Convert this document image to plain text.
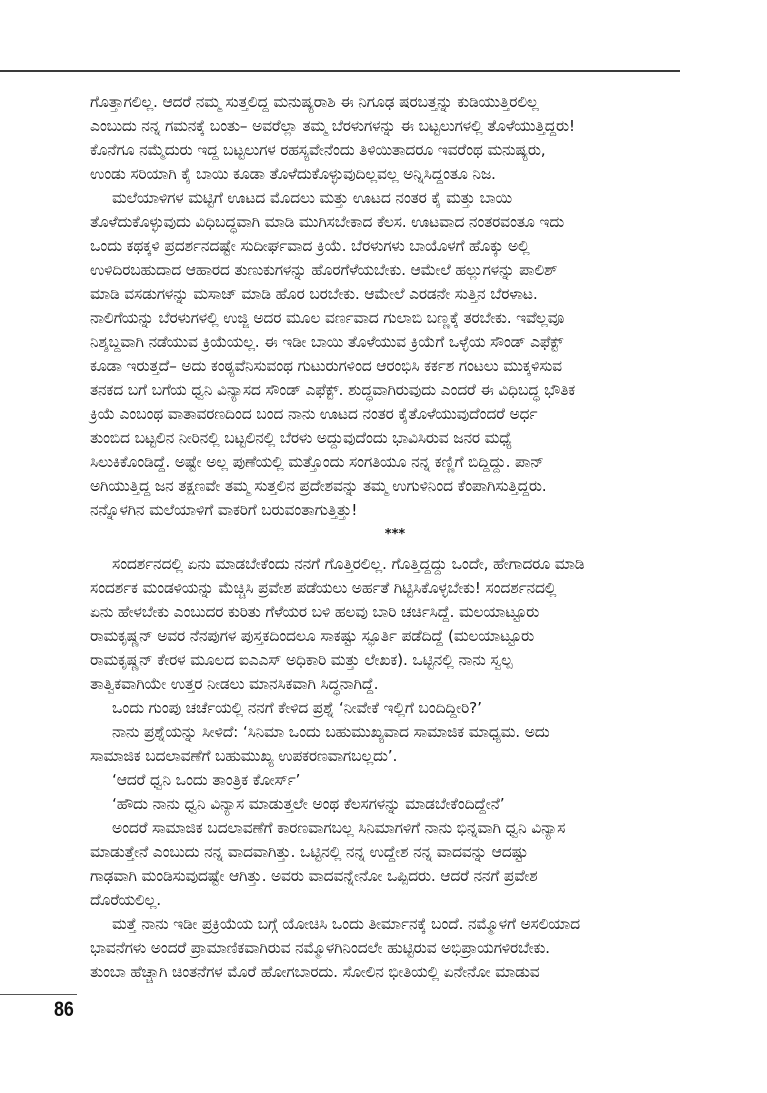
ಗೊತ್ತಾಗಲಿಲ್ಲ. ಆದರೆ ನಮ್ಮ ಸುತ್ತಲಿದ್ದ ಮನುಷ್ಯರಾಶಿ ಈ ನಿಗೂಢ ಷರಬತ್ತನ್ನು ಕುಡಿಯುತ್ತಿರಲಿಲ್ಲ
ಎಂಬುದು ನನ್ನ ಗಮನಕ್ಕೆ ಬಂತು– ಅವರೆಲ್ಲಾ ತಮ್ಮ ಬೆರಳುಗಳನ್ನು ಈ ಬಟ್ಟಲುಗಳಲ್ಲಿ ತೊಳೆಯುತ್ತಿದ್ದರು!
ಕೊನೆಗೂ ನಮ್ಮೆದುರು ಇದ್ದ ಬಟ್ಟಲುಗಳ ರಹಸ್ಯವೇನೆಂದು ತಿಳಿಯಿತಾದರೂ ಇವರೆಂಥ ಮನುಷ್ಯರು,
ಉಂಡು ಸರಿಯಾಗಿ ಕೈ ಬಾಯಿ ಕೂಡಾ ತೊಳೆದುಕೊಳ್ಳುವುದಿಲ್ಲವಲ್ಲ ಅನ್ನಿಸಿದ್ದಂತೂ ನಿಜ.
ಮಲೆಯಾಳಿಗಳ ಮಟ್ಟಿಗೆ ಊಟದ ಮೊದಲು ಮತ್ತು ಊಟದ ನಂತರ ಕೈ ಮತ್ತು ಬಾಯಿ
ತೊಳೆದುಕೊಳ್ಳುವುದು ವಿಧಿಬದ್ಧವಾಗಿ ಮಾಡಿ ಮುಗಿಸಬೇಕಾದ ಕೆಲಸ. ಊಟವಾದ ನಂತರವಂತೂ ಇದು
ಒಂದು ಕಥಕ್ಕಳಿ ಪ್ರದರ್ಶನದಷ್ಟೇ ಸುದೀರ್ಘವಾದ ಕ್ರಿಯೆ. ಬೆರಳುಗಳು ಬಾಯೊಳಗೆ ಹೊಕ್ಕು ಅಲ್ಲಿ
ಉಳಿದಿರಬಹುದಾದ ಆಹಾರದ ತುಣುಕುಗಳನ್ನು ಹೊರಗೆಳೆಯಬೇಕು. ಆಮೇಲೆ ಹಲ್ಲುಗಳನ್ನು ಪಾಲಿಶ್
ಮಾಡಿ ವಸಡುಗಳನ್ನು ಮಸಾಜ್ ಮಾಡಿ ಹೊರ ಬರಬೇಕು. ಆಮೇಲೆ ಎರಡನೇ ಸುತ್ತಿನ ಬೆರಳಾಟ.
ನಾಲಿಗೆಯನ್ನು ಬೆರಳುಗಳಲ್ಲಿ ಉಜ್ಜಿ ಅದರ ಮೂಲ ವರ್ಣವಾದ ಗುಲಾಬಿ ಬಣ್ಣಕ್ಕೆ ತರಬೇಕು. ಇವೆಲ್ಲವೂ
ನಿಶ್ಶಬ್ದವಾಗಿ ನಡೆಯುವ ಕ್ರಿಯೆಯಲ್ಲ. ಈ ಇಡೀ ಬಾಯಿ ತೊಳೆಯುವ ಕ್ರಿಯೆಗೆ ಒಳ್ಳೆಯ ಸೌಂಡ್ ಎಫೆಕ್ಟ್
ಕೂಡಾ ಇರುತ್ತದೆ– ಅದು ಕಂಠ್ಯವೆನಿಸುವಂಥ ಗುಟುರುಗಳಿಂದ ಆರಂಭಿಸಿ ಕರ್ಕಶ ಗಂಟಲು ಮುಕ್ಕಳಿಸುವ
ತನಕದ ಬಗೆ ಬಗೆಯ ಧ್ವನಿ ವಿನ್ಯಾಸದ ಸೌಂಡ್ ಎಫೆಕ್ಟ್. ಶುದ್ಧವಾಗಿರುವುದು ಎಂದರೆ ಈ ವಿಧಿಬದ್ಧ ಭೌತಿಕ
ಕ್ರಿಯೆ ಎಂಬಂಥ ವಾತಾವರಣದಿಂದ ಬಂದ ನಾನು ಊಟದ ನಂತರ ಕೈತೊಳೆಯುವುದೆಂದರೆ ಅರ್ಧ
ತುಂಬಿದ ಬಟ್ಟಲಿನ ನೀರಿನಲ್ಲಿ ಬಟ್ಟಲಿನಲ್ಲಿ ಬೆರಳು ಅದ್ದುವುದೆಂದು ಭಾವಿಸಿರುವ ಜನರ ಮಧ್ಯೆ
ಸಿಲುಕಿಕೊಂಡಿದ್ದೆ. ಅಷ್ಟೇ ಅಲ್ಲ ಪುಣೆಯಲ್ಲಿ ಮತ್ತೊಂದು ಸಂಗತಿಯೂ ನನ್ನ ಕಣ್ಣಿಗೆ ಬಿದ್ದಿದ್ದು. ಪಾನ್
ಅಗಿಯುತ್ತಿದ್ದ ಜನ ತಕ್ಷಣವೇ ತಮ್ಮ ಸುತ್ತಲಿನ ಪ್ರದೇಶವನ್ನು ತಮ್ಮ ಉಗುಳಿನಿಂದ ಕೆಂಪಾಗಿಸುತ್ತಿದ್ದರು.
ನನ್ನೊಳಗಿನ ಮಲೆಯಾಳಿಗೆ ವಾಕರಿಗೆ ಬರುವಂತಾಗುತ್ತಿತ್ತು!
***
ಸಂದರ್ಶನದಲ್ಲಿ ಏನು ಮಾಡಬೇಕೆಂದು ನನಗೆ ಗೊತ್ತಿರಲಿಲ್ಲ. ಗೊತ್ತಿದ್ದದ್ದು ಒಂದೇ, ಹೇಗಾದರೂ ಮಾಡಿ
ಸಂದರ್ಶಕ ಮಂಡಳಿಯನ್ನು ಮೆಚ್ಚಿಸಿ ಪ್ರವೇಶ ಪಡೆಯಲು ಅರ್ಹತೆ ಗಿಟ್ಟಿಸಿಕೊಳ್ಳಬೇಕು! ಸಂದರ್ಶನದಲ್ಲಿ
ಏನು ಹೇಳಬೇಕು ಎಂಬುದರ ಕುರಿತು ಗೆಳೆಯರ ಬಳಿ ಹಲವು ಬಾರಿ ಚರ್ಚಿಸಿದ್ದೆ. ಮಲಯಾಟ್ಟೂರು
ರಾಮಕೃಷ್ಣನ್ ಅವರ ನೆನಪುಗಳ ಪುಸ್ತಕದಿಂದಲೂ ಸಾಕಷ್ಟು ಸ್ಫೂರ್ತಿ ಪಡೆದಿದ್ದೆ (ಮಲಯಾಟ್ಟೂರು
ರಾಮಕೃಷ್ಣನ್ ಕೇರಳ ಮೂಲದ ಐಎಎಸ್ ಅಧಿಕಾರಿ ಮತ್ತು ಲೇಖಕ). ಒಟ್ಟಿನಲ್ಲಿ ನಾನು ಸ್ವಲ್ಪ
ತಾತ್ವಿಕವಾಗಿಯೇ ಉತ್ತರ ನೀಡಲು ಮಾನಸಿಕವಾಗಿ ಸಿದ್ಧನಾಗಿದ್ದೆ.
ಒಂದು ಗುಂಪು ಚರ್ಚೆಯಲ್ಲಿ ನನಗೆ ಕೇಳಿದ ಪ್ರಶ್ನೆ ‘ನೀವೇಕೆ ಇಲ್ಲಿಗೆ ಬಂದಿದ್ದೀರಿ?’
ನಾನು ಪ್ರಶ್ನೆಯನ್ನು ಸೀಳಿದೆ: ‘ಸಿನಿಮಾ ಒಂದು ಬಹುಮುಖ್ಯವಾದ ಸಾಮಾಜಿಕ ಮಾಧ್ಯಮ. ಅದು
ಸಾಮಾಜಿಕ ಬದಲಾವಣೆಗೆ ಬಹುಮುಖ್ಯ ಉಪಕರಣವಾಗಬಲ್ಲದು’.
‘ಆದರೆ ಧ್ವನಿ ಒಂದು ತಾಂತ್ರಿಕ ಕೋರ್ಸ್’
‘ಹೌದು ನಾನು ಧ್ವನಿ ವಿನ್ಯಾಸ ಮಾಡುತ್ತಲೇ ಅಂಥ ಕೆಲಸಗಳನ್ನು ಮಾಡಬೇಕೆಂದಿದ್ದೇನೆ’
ಅಂದರೆ ಸಾಮಾಜಿಕ ಬದಲಾವಣೆಗೆ ಕಾರಣವಾಗಬಲ್ಲ ಸಿನಿಮಾಗಳಿಗೆ ನಾನು ಭಿನ್ನವಾಗಿ ಧ್ವನಿ ವಿನ್ಯಾಸ
ಮಾಡುತ್ತೇನೆ ಎಂಬುದು ನನ್ನ ವಾದವಾಗಿತ್ತು. ಒಟ್ಟಿನಲ್ಲಿ ನನ್ನ ಉದ್ದೇಶ ನನ್ನ ವಾದವನ್ನು ಆದಷ್ಟು
ಗಾಢವಾಗಿ ಮಂಡಿಸುವುದಷ್ಟೇ ಆಗಿತ್ತು. ಅವರು ವಾದವನ್ನೇನೋ ಒಪ್ಪಿದರು. ಆದರೆ ನನಗೆ ಪ್ರವೇಶ
ದೊರೆಯಲಿಲ್ಲ.
ಮತ್ತೆ ನಾನು ಇಡೀ ಪ್ರಕ್ರಿಯೆಯ ಬಗ್ಗೆ ಯೋಚಿಸಿ ಒಂದು ತೀರ್ಮಾನಕ್ಕೆ ಬಂದೆ. ನಮ್ಮೊಳಗೆ ಅಸಲಿಯಾದ
ಭಾವನೆಗಳು ಅಂದರೆ ಪ್ರಾಮಾಣಿಕವಾಗಿರುವ ನಮ್ಮೊಳಗಿನಿಂದಲೇ ಹುಟ್ಟಿರುವ ಅಭಿಪ್ರಾಯಗಳಿರಬೇಕು.
ತುಂಬಾ ಹೆಚ್ಚಾಗಿ ಚಿಂತನೆಗಳ ಮೊರೆ ಹೋಗಬಾರದು. ಸೋಲಿನ ಭೀತಿಯಲ್ಲಿ ಏನೇನೋ ಮಾಡುವ
86
